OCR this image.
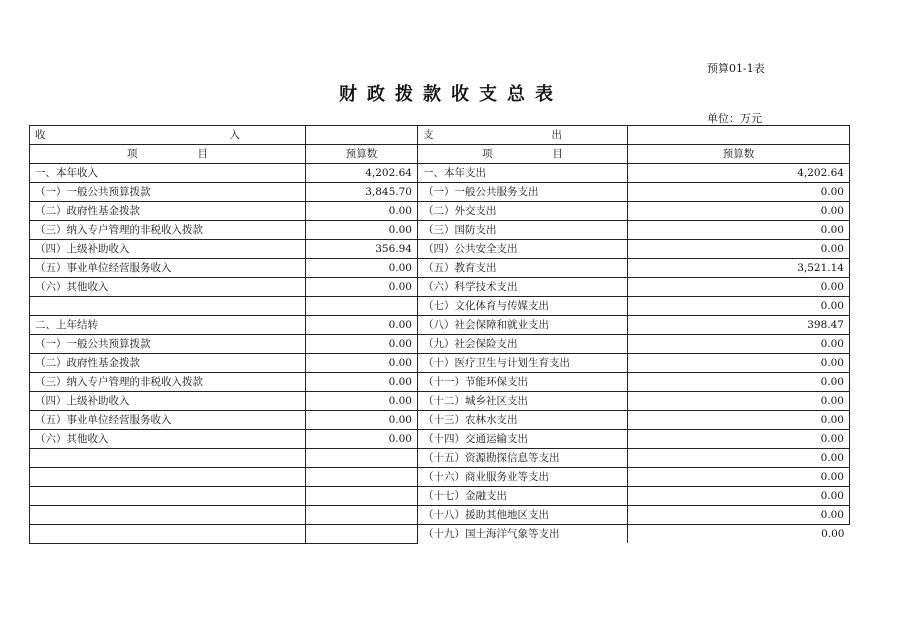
预算01-1表
财政拨款收支总表
单位：万元
收 入		支 出	

项 目	预算数	项 目	预算数
一、本年收入	4,202.64	一、本年支出	4,202.64
（一）一般公共预算拨款	3,845.70	（一）一般公共服务支出	0.00
（二）政府性基金拨款	0.00	（二）外交支出	0.00
（三）纳入专户管理的非税收入拨款	0.00	（三）国防支出	0.00
（四）上级补助收入	356.94	（四）公共安全支出	0.00
（五）事业单位经营服务收入	0.00	（五）教育支出	3,521.14
（六）其他收入	0.00	（六）科学技术支出	0.00
		（七）文化体育与传媒支出	0.00
二、上年结转	0.00	（八）社会保障和就业支出	398.47
（一）一般公共预算拨款	0.00	（九）社会保险支出	0.00
（二）政府性基金拨款	0.00	（十）医疗卫生与计划生育支出	0.00
（三）纳入专户管理的非税收入拨款	0.00	（十一）节能环保支出	0.00
（四）上级补助收入	0.00	（十二）城乡社区支出	0.00
（五）事业单位经营服务收入	0.00	（十三）农林水支出	0.00
（六）其他收入	0.00	（十四）交通运输支出	0.00
		（十五）资源勘探信息等支出	0.00
		（十六）商业服务业等支出	0.00
		（十七）金融支出	0.00
		（十八）援助其他地区支出	0.00
		（十九）国土海洋气象等支出	0.00
